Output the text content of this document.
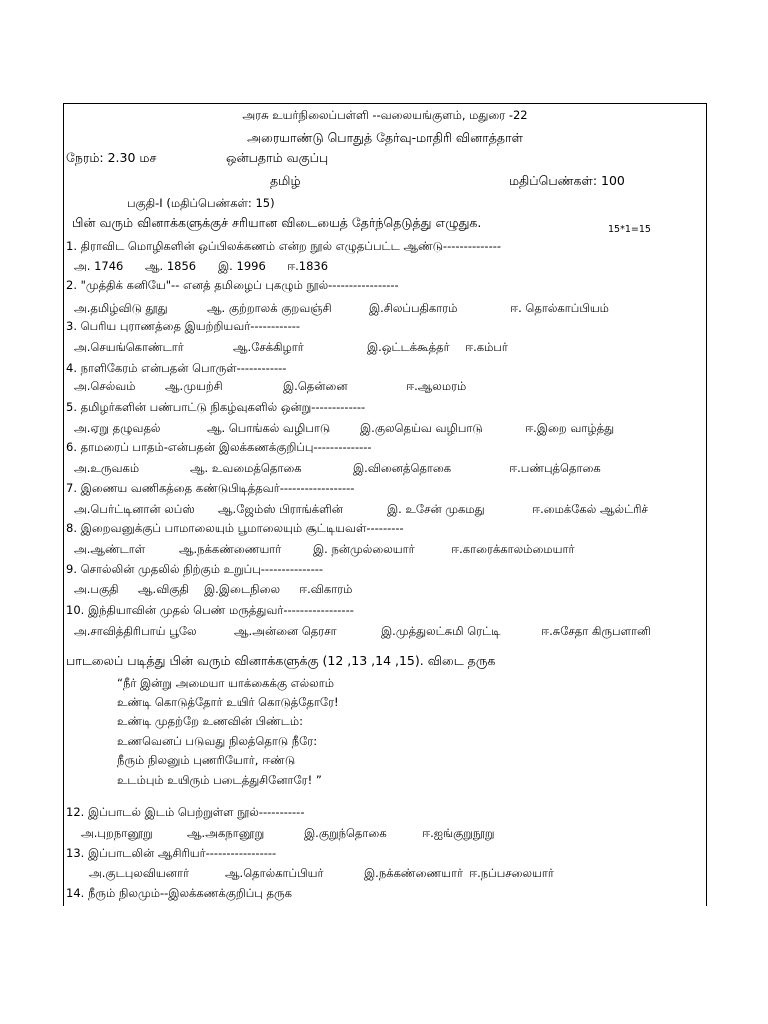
அரசு உயர்நிலைப்பள்ளி --வலையங்குளம், மதுரை -22
அரையாண்டு பொதுத் தேர்வு-மாதிரி வினாத்தாள்
நேரம்: 2.30 மச	ஒன்பதாம் வகுப்பு
தமிழ்	மதிப்பெண்கள்: 100
பகுதி-I (மதிப்பெண்கள்: 15)
பின் வரும் வினாக்களுக்குச் சரியான விடையைத் தேர்ந்தெடுத்து எழுதுக.	15*1=15
1. திராவிட மொழிகளின் ஒப்பிலக்கணம் என்ற நூல் எழுதப்பட்ட ஆண்டு--------------
அ. 1746 ஆ. 1856 இ. 1996 ஈ.1836
2. "முத்திக் கனியே"-- எனத் தமிழைப் புகழும் நூல்-----------------
அ.தமிழ்விடு தூது	ஆ. குற்றாலக் குறவஞ்சி	இ.சிலப்பதிகாரம்	ஈ. தொல்காப்பியம்
3. பெரிய புராணத்தை இயற்றியவர்------------
அ.செயங்கொண்டார்	ஆ.சேக்கிழார்	இ.ஒட்டக்கூத்தர் ஈ.கம்பர்
4. நாளிகேரம் என்பதன் பொருள்------------
அ.செல்வம்	ஆ.முயற்சி	இ.தென்னை	ஈ.ஆலமரம்
5. தமிழர்களின் பண்பாட்டு நிகழ்வுகளில் ஒன்று-------------
அ.ஏறு தழுவதல்	ஆ. பொங்கல் வழிபாடு	இ.குலதெய்வ வழிபாடு	ஈ.இறை வாழ்த்து
6. தாமரைப் பாதம்-என்பதன் இலக்கணக்குறிப்பு--------------
அ.உருவகம்	ஆ. உவமைத்தொகை	இ.வினைத்தொகை	ஈ.பண்புத்தொகை
7. இணைய வணிகத்தை கண்டுபிடித்தவர்------------------
அ.பெர்ட்டினான் லப்ஸ் ஆ.ஜேம்ஸ் பிராங்க்ளின்	இ. உசேன் முகமது	ஈ.மைக்கேல் ஆல்ட்ரிச்
8. இறைவனுக்குப் பாமாலையும் பூமாலையும் சூட்டியவள்---------
அ.ஆண்டாள்	ஆ.நக்கண்ணையார்	இ. நன்முல்லையார்	ஈ.காரைக்காலம்மையார்
9. சொல்லின் முதலில் நிற்கும் உறுப்பு---------------
அ.பகுதி ஆ.விகுதி இ.இடைநிலை ஈ.விகாரம்
10. இந்தியாவின் முதல் பெண் மருத்துவர்-----------------
அ.சாவித்திரிபாய் பூலே	ஆ.அன்னை தெரசா	இ.முத்துலட்சுமி ரெட்டி	ஈ.சுசேதா கிருபளானி
பாடலைப் படித்து பின் வரும் வினாக்களுக்கு (12 ,13 ,14 ,15). விடை தருக
“நீர் இன்று அமையா யாக்கைக்கு எல்லாம்
உண்டி கொடுத்தோர் உயிர் கொடுத்தோரே!
உண்டி முதற்றே உணவின் பிண்டம்:
உணவெனப் படுவது நிலத்தொடு நீரே:
நீரும் நிலனும் புணரியோர், ஈண்டு
உடம்பும் உயிரும் படைத்துசினோரே! ”
12. இப்பாடல் இடம் பெற்றுள்ள நூல்-----------
அ.புறநானூறு	ஆ.அகநானூறு	இ.குறுந்தொகை	ஈ.ஐங்குறுநூறு
13. இப்பாடலின் ஆசிரியர்-----------------
அ.குடபுலவியனார்	ஆ.தொல்காப்பியர்	இ.நக்கண்ணையார் ஈ.நப்பசலையார்
14. நீரும் நிலமும்--இலக்கணக்குறிப்பு தருக
